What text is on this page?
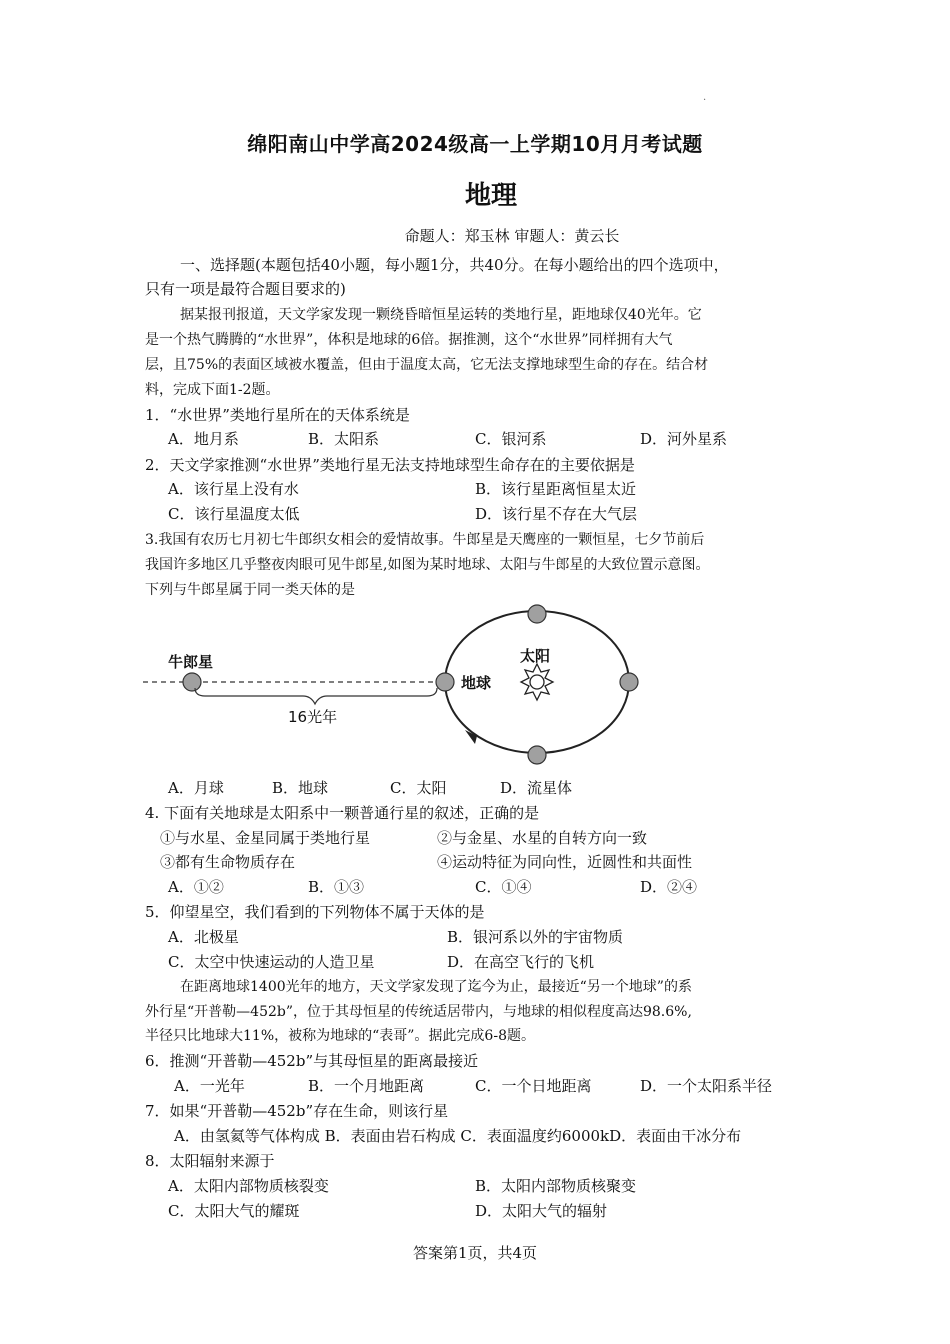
.
绵阳南山中学高2024级高一上学期10月月考试题
地理
命题人：郑玉林 审题人：黄云长
一、选择题(本题包括40小题，每小题1分，共40分。在每小题给出的四个选项中，
只有一项是最符合题目要求的)
据某报刊报道，天文学家发现一颗绕昏暗恒星运转的类地行星，距地球仅40光年。它
是一个热气腾腾的“水世界”，体积是地球的6倍。据推测，这个“水世界”同样拥有大气
层，且75%的表面区域被水覆盖，但由于温度太高，它无法支撑地球型生命的存在。结合材
料，完成下面1-2题。
1．“水世界”类地行星所在的天体系统是
A．地月系	B．太阳系	C．银河系	D．河外星系
2．天文学家推测“水世界”类地行星无法支持地球型生命存在的主要依据是
A．该行星上没有水	B．该行星距离恒星太近
C．该行星温度太低	D．该行星不存在大气层
3.我国有农历七月初七牛郎织女相会的爱情故事。牛郎星是天鹰座的一颗恒星，七夕节前后
我国许多地区几乎整夜肉眼可见牛郎星,如图为某时地球、太阳与牛郎星的大致位置示意图。
下列与牛郎星属于同一类天体的是
牛郎星
16光年
地球
太阳
A．月球	B．地球	C．太阳	D．流星体
4. 下面有关地球是太阳系中一颗普通行星的叙述，正确的是
①与水星、金星同属于类地行星	②与金星、水星的自转方向一致
③都有生命物质存在	④运动特征为同向性，近圆性和共面性
A．①②	B．①③	C．①④	D．②④
5．仰望星空，我们看到的下列物体不属于天体的是
A．北极星	B．银河系以外的宇宙物质
C．太空中快速运动的人造卫星	D．在高空飞行的飞机
在距离地球1400光年的地方，天文学家发现了迄今为止，最接近“另一个地球”的系
外行星“开普勒—452b”，位于其母恒星的传统适居带内，与地球的相似程度高达98.6%,
半径只比地球大11%，被称为地球的“表哥”。据此完成6-8题。
6．推测“开普勒—452b”与其母恒星的距离最接近
A．一光年	B．一个月地距离	C．一个日地距离	D．一个太阳系半径
7．如果“开普勒—452b”存在生命，则该行星
A．由氢氦等气体构成 B．表面由岩石构成 C．表面温度约6000kD．表面由干冰分布
8．太阳辐射来源于
A．太阳内部物质核裂变	B．太阳内部物质核聚变
C．太阳大气的耀斑	D．太阳大气的辐射
答案第1页，共4页
